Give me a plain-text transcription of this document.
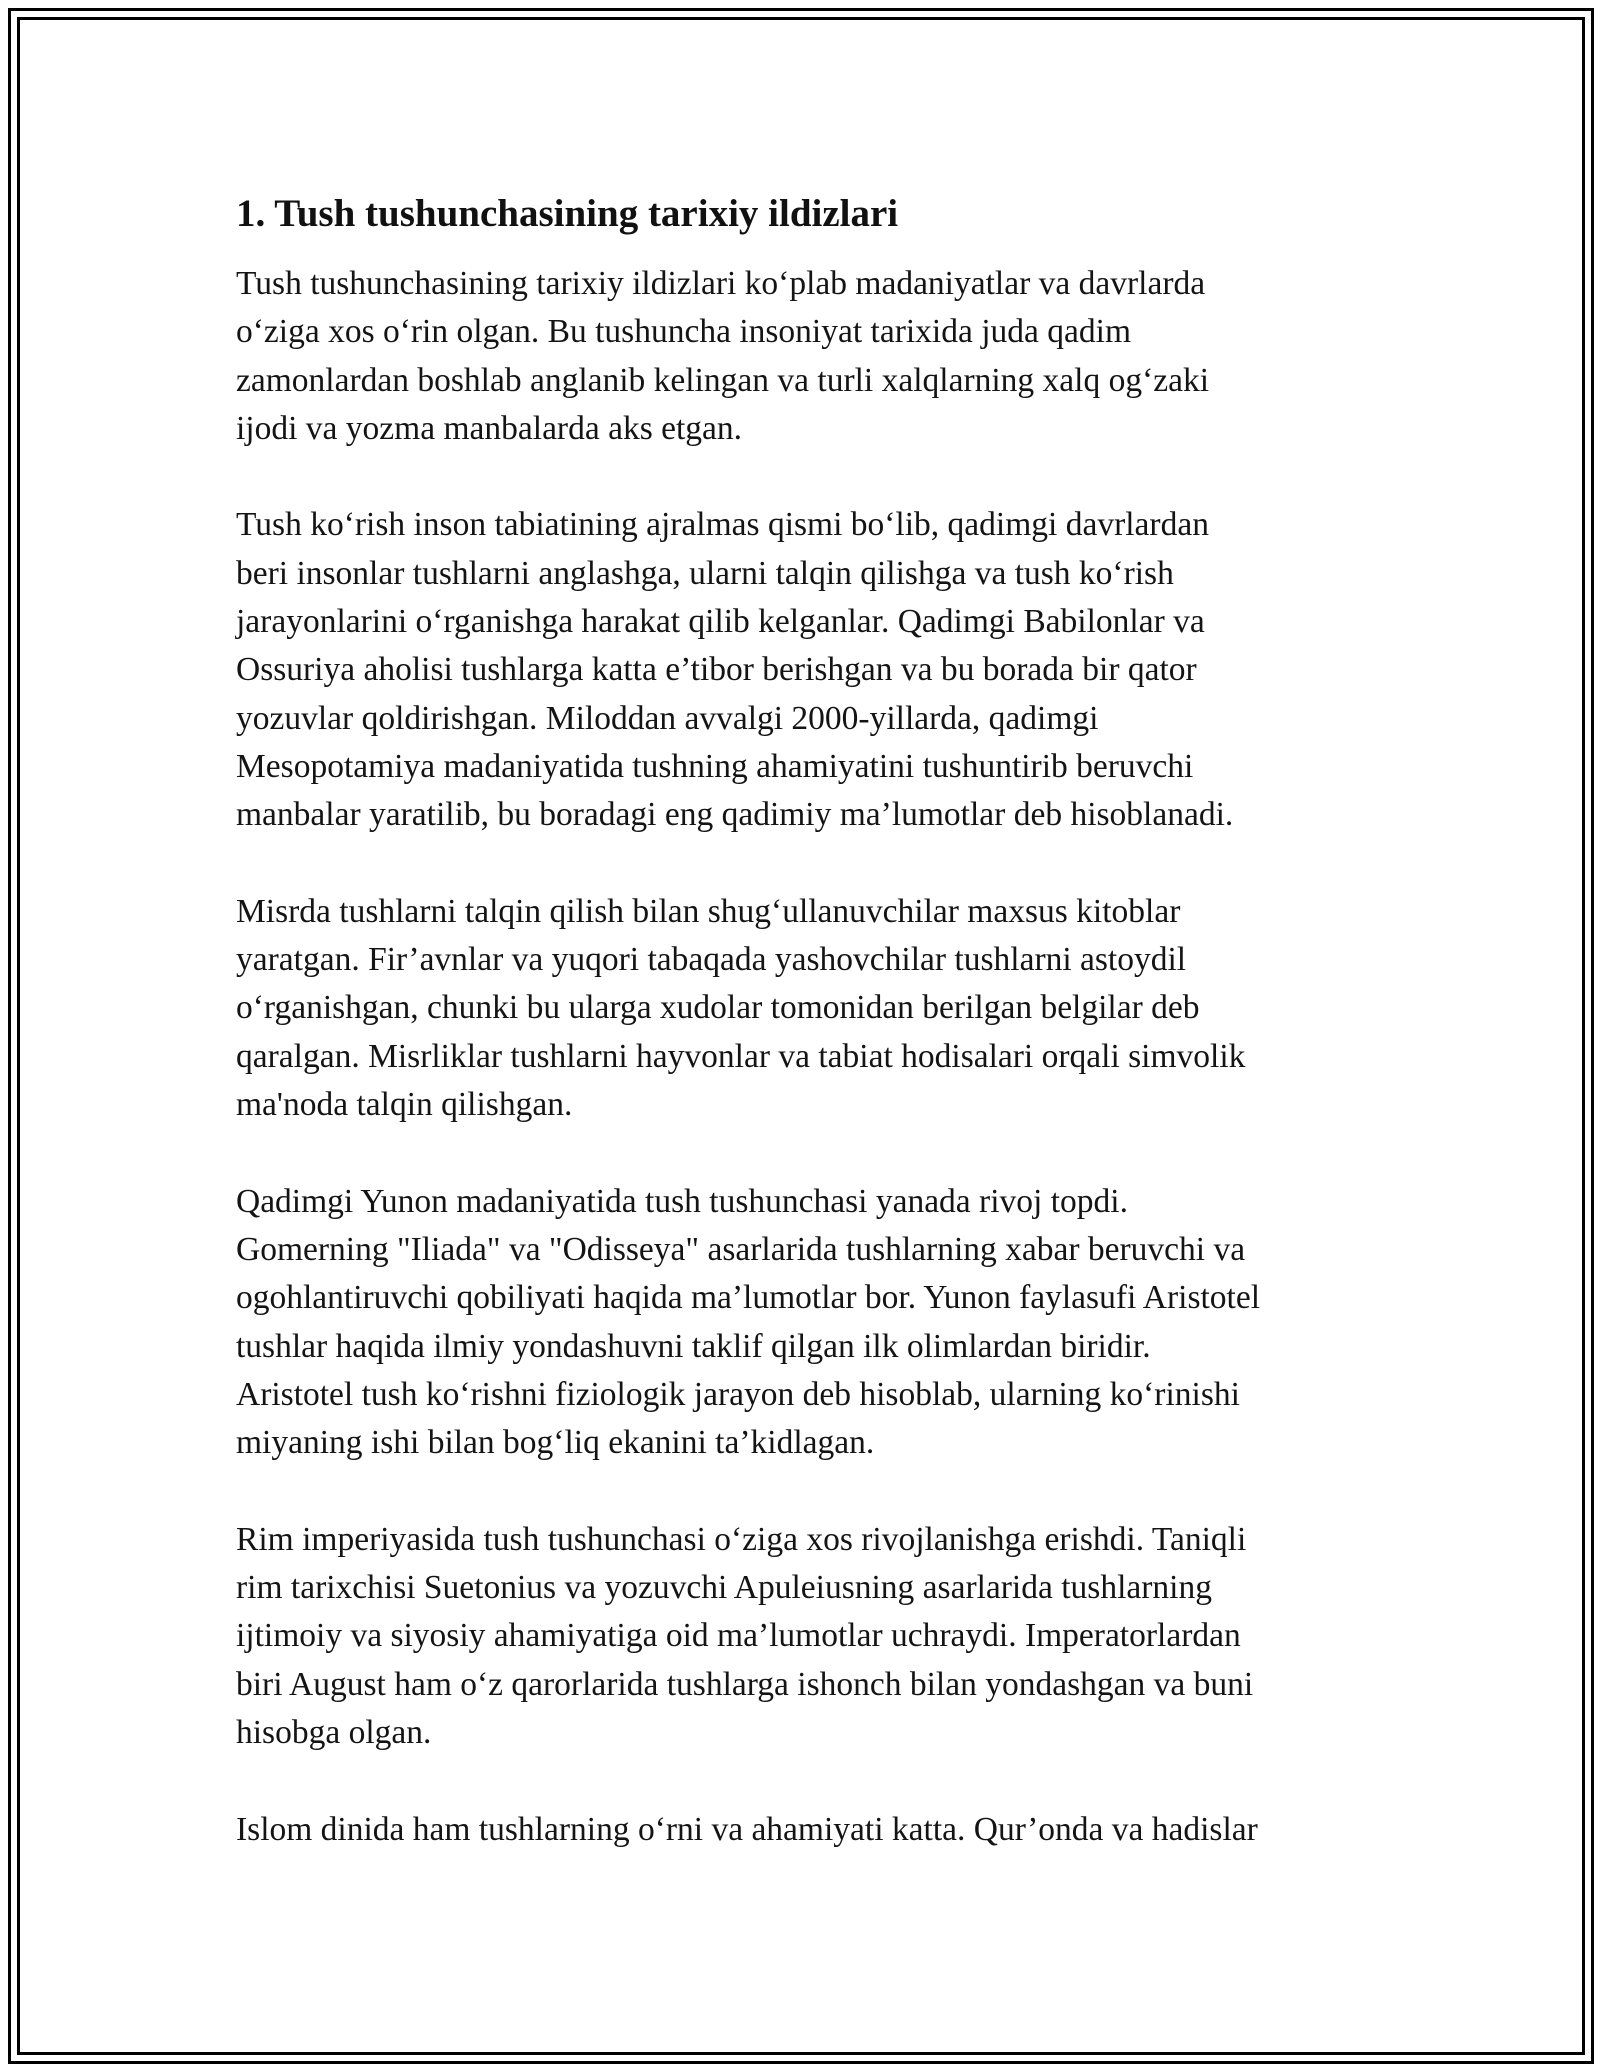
1. Tush tushunchasining tarixiy ildizlari
Tush tushunchasining tarixiy ildizlari ko‘plab madaniyatlar va davrlarda
o‘ziga xos o‘rin olgan. Bu tushuncha insoniyat tarixida juda qadim
zamonlardan boshlab anglanib kelingan va turli xalqlarning xalq og‘zaki
ijodi va yozma manbalarda aks etgan.
Tush ko‘rish inson tabiatining ajralmas qismi bo‘lib, qadimgi davrlardan
beri insonlar tushlarni anglashga, ularni talqin qilishga va tush ko‘rish
jarayonlarini o‘rganishga harakat qilib kelganlar. Qadimgi Babilonlar va
Ossuriya aholisi tushlarga katta e’tibor berishgan va bu borada bir qator
yozuvlar qoldirishgan. Miloddan avvalgi 2000-yillarda, qadimgi
Mesopotamiya madaniyatida tushning ahamiyatini tushuntirib beruvchi
manbalar yaratilib, bu boradagi eng qadimiy ma’lumotlar deb hisoblanadi.
Misrda tushlarni talqin qilish bilan shug‘ullanuvchilar maxsus kitoblar
yaratgan. Fir’avnlar va yuqori tabaqada yashovchilar tushlarni astoydil
o‘rganishgan, chunki bu ularga xudolar tomonidan berilgan belgilar deb
qaralgan. Misrliklar tushlarni hayvonlar va tabiat hodisalari orqali simvolik
ma'noda talqin qilishgan.
Qadimgi Yunon madaniyatida tush tushunchasi yanada rivoj topdi.
Gomerning "Iliada" va "Odisseya" asarlarida tushlarning xabar beruvchi va
ogohlantiruvchi qobiliyati haqida ma’lumotlar bor. Yunon faylasufi Aristotel
tushlar haqida ilmiy yondashuvni taklif qilgan ilk olimlardan biridir.
Aristotel tush ko‘rishni fiziologik jarayon deb hisoblab, ularning ko‘rinishi
miyaning ishi bilan bog‘liq ekanini ta’kidlagan.
Rim imperiyasida tush tushunchasi o‘ziga xos rivojlanishga erishdi. Taniqli
rim tarixchisi Suetonius va yozuvchi Apuleiusning asarlarida tushlarning
ijtimoiy va siyosiy ahamiyatiga oid ma’lumotlar uchraydi. Imperatorlardan
biri August ham o‘z qarorlarida tushlarga ishonch bilan yondashgan va buni
hisobga olgan.
Islom dinida ham tushlarning o‘rni va ahamiyati katta. Qur’onda va hadislar
